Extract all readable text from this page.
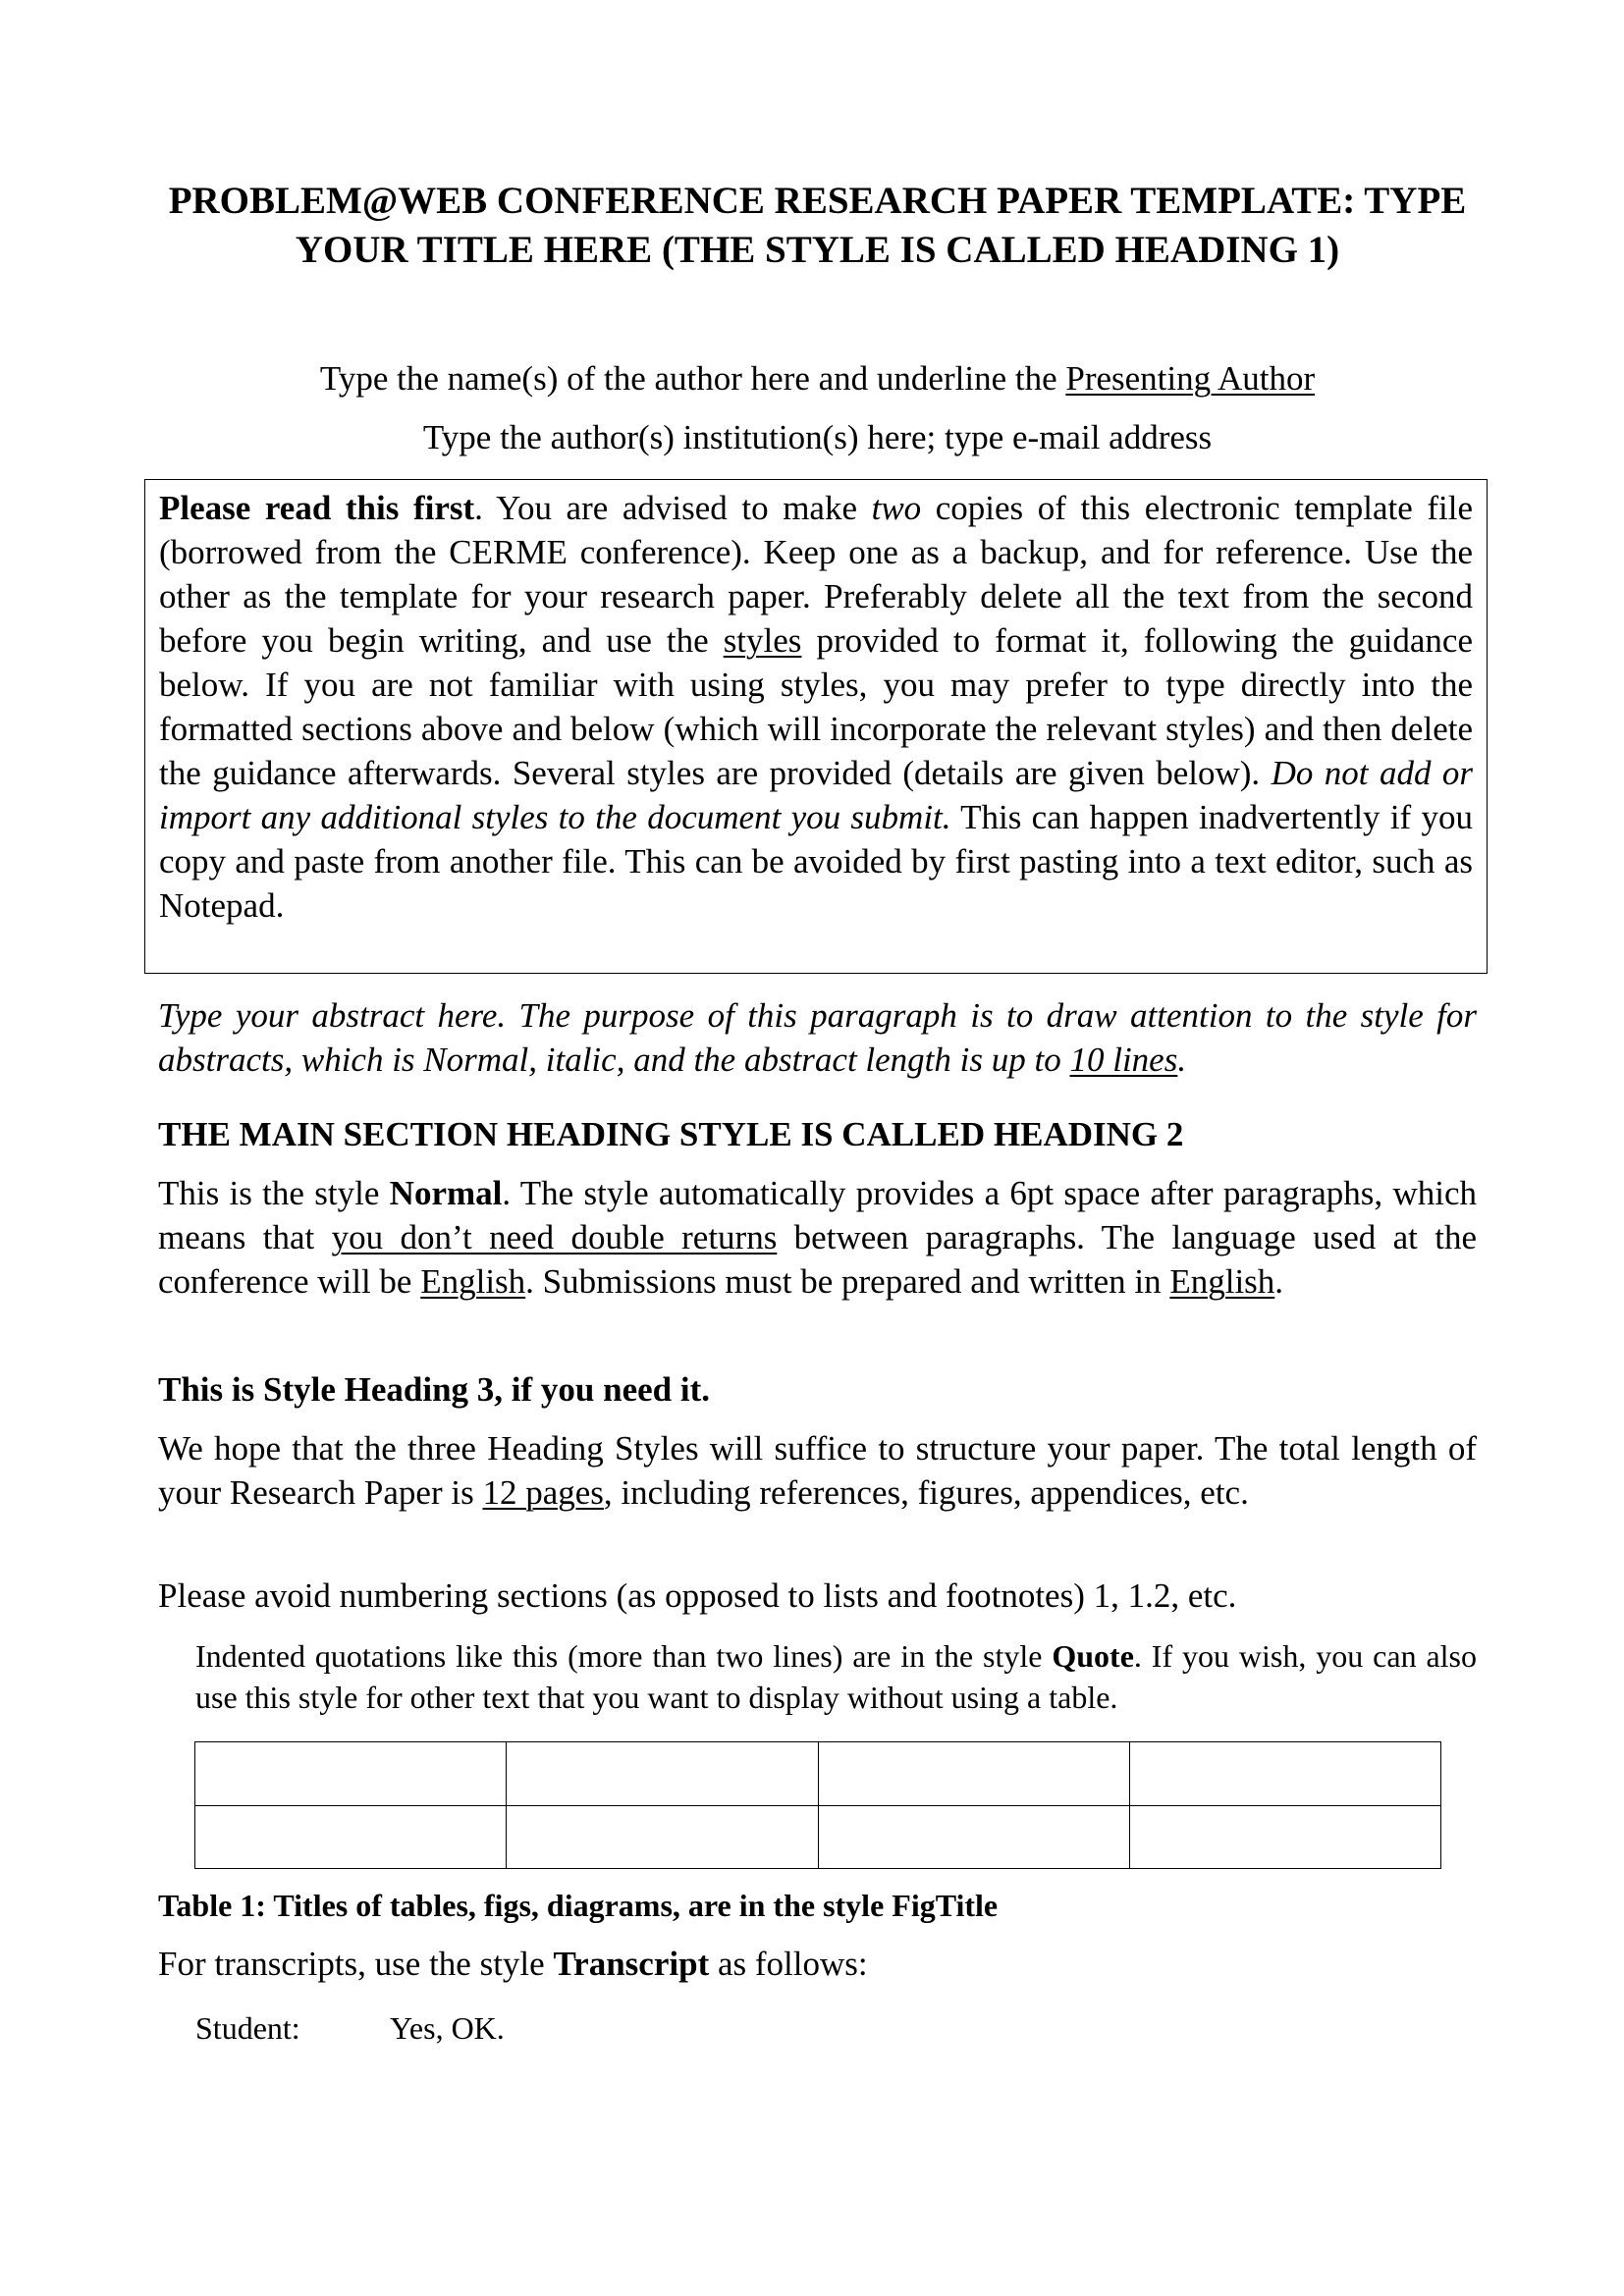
PROBLEM@WEB CONFERENCE RESEARCH PAPER TEMPLATE: TYPE YOUR TITLE HERE (THE STYLE IS CALLED HEADING 1)
Type the name(s) of the author here and underline the Presenting Author
Type the author(s) institution(s) here; type e-mail address
Please read this first. You are advised to make two copies of this electronic template file (borrowed from the CERME conference). Keep one as a backup, and for reference. Use the other as the template for your research paper. Preferably delete all the text from the second before you begin writing, and use the styles provided to format it, following the guidance below. If you are not familiar with using styles, you may prefer to type directly into the formatted sections above and below (which will incorporate the relevant styles) and then delete the guidance afterwards. Several styles are provided (details are given below). Do not add or import any additional styles to the document you submit. This can happen inadvertently if you copy and paste from another file. This can be avoided by first pasting into a text editor, such as Notepad.

Type your abstract here. The purpose of this paragraph is to draw attention to the style for abstracts, which is Normal, italic, and the abstract length is up to 10 lines.

THE MAIN SECTION HEADING STYLE IS CALLED HEADING 2

This is the style Normal. The style automatically provides a 6pt space after paragraphs, which means that you don’t need double returns between paragraphs. The language used at the conference will be English. Submissions must be prepared and written in English.

This is Style Heading 3, if you need it.

We hope that the three Heading Styles will suffice to structure your paper. The total length of your Research Paper is 12 pages, including references, figures, appendices, etc.

Please avoid numbering sections (as opposed to lists and footnotes) 1, 1.2, etc.

Indented quotations like this (more than two lines) are in the style Quote. If you wish, you can also use this style for other text that you want to display without using a table.

Table 1: Titles of tables, figs, diagrams, are in the style FigTitle

For transcripts, use the style Transcript as follows:

Student:	Yes, OK.
